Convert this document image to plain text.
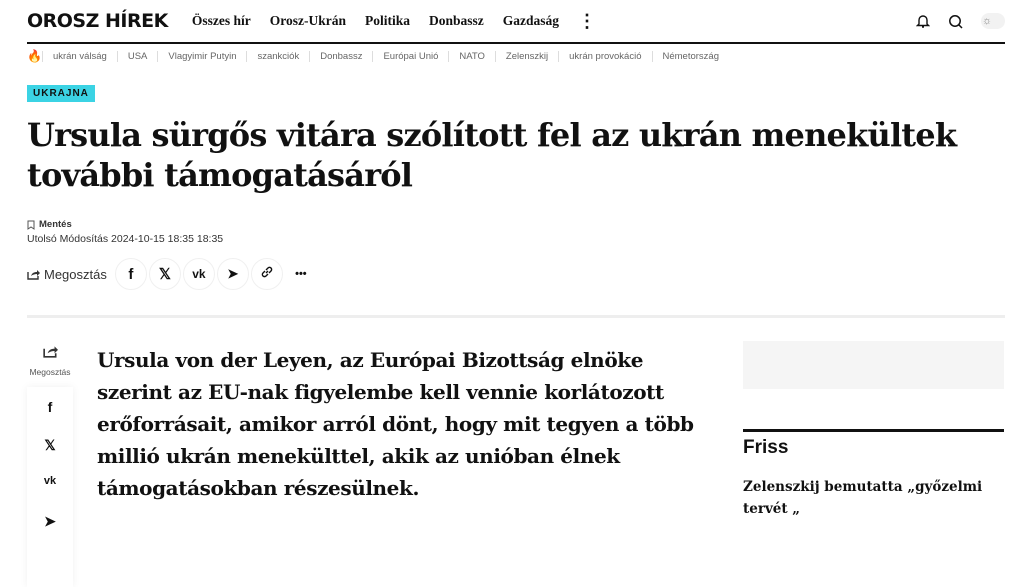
OROSZ HÍREK Összes hír Orosz-Ukrán Politika Donbassz Gazdaság	⋮	☼
🔥	ukrán válság	USA	Vlagyimir Putyin	szankciók	Donbassz	Európai Unió	NATO	Zelenszkij	ukrán provokáció	Németország
UKRAJNA
Ursula sürgős vitára szólított fel az ukrán menekültek további támogatásáról
Mentés
Utolsó Módosítás 2024-10-15 18:35 18:35
Megosztás f 𝕏 vk ➤	•••
Megosztás
f
𝕏
vk
➤

Ursula von der Leyen, az Európai Bizottság elnöke szerint az EU-nak figyelembe kell vennie korlátozott erőforrásait, amikor arról dönt, hogy mit tegyen a több millió ukrán menekülttel, akik az unióban élnek támogatásokban részesülnek.

Friss
Zelenszkij bemutatta „győzelmi tervét „
